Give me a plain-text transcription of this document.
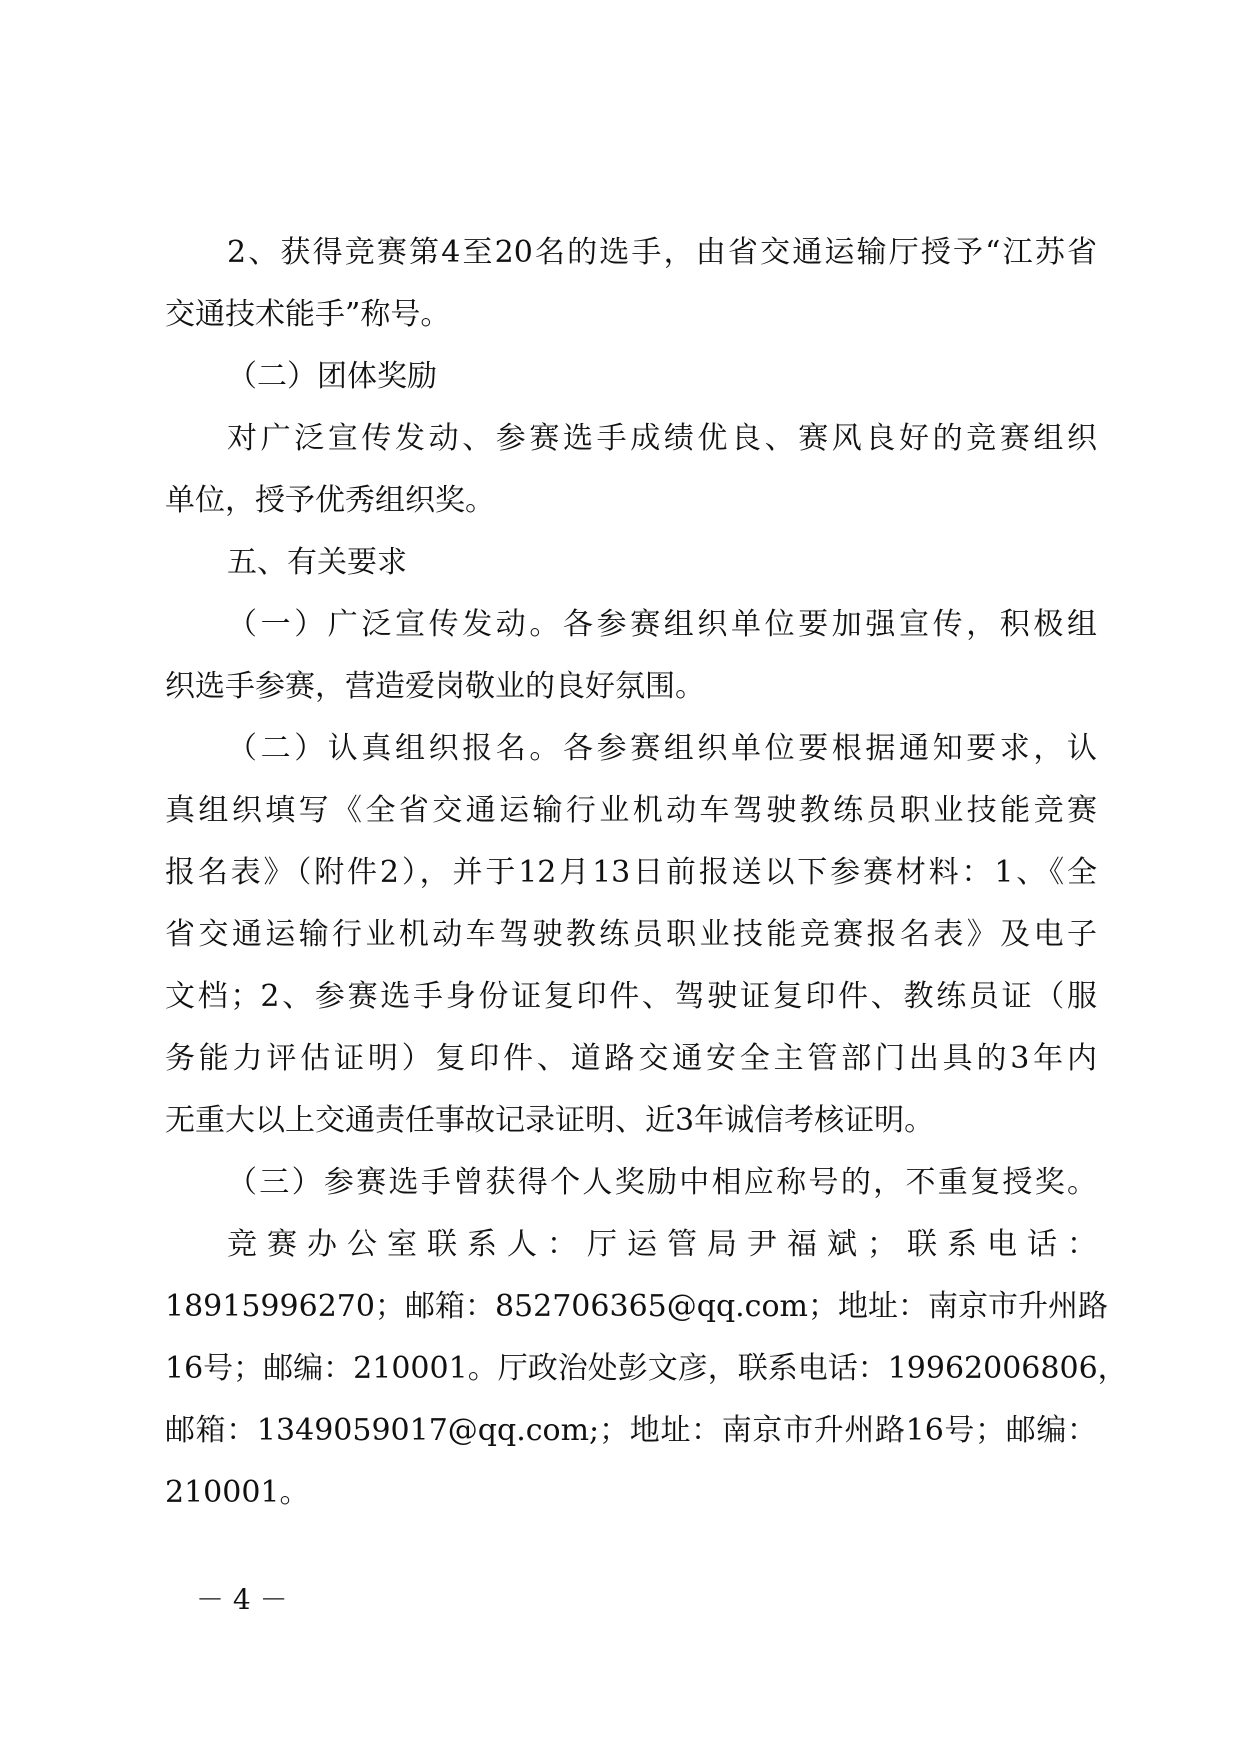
2、获得竞赛第4至20名的选手，由省交通运输厅授予“江苏省
交通技术能手”称号。
（二）团体奖励
对广泛宣传发动、参赛选手成绩优良、赛风良好的竞赛组织
单位，授予优秀组织奖。
五、有关要求
（一）广泛宣传发动。各参赛组织单位要加强宣传，积极组
织选手参赛，营造爱岗敬业的良好氛围。
（二）认真组织报名。各参赛组织单位要根据通知要求，认
真组织填写《全省交通运输行业机动车驾驶教练员职业技能竞赛
报名表》（附件2），并于12月13日前报送以下参赛材料：1、《全
省交通运输行业机动车驾驶教练员职业技能竞赛报名表》及电子
文档；2、参赛选手身份证复印件、驾驶证复印件、教练员证（服
务能力评估证明）复印件、道路交通安全主管部门出具的3年内
无重大以上交通责任事故记录证明、近3年诚信考核证明。
（三）参赛选手曾获得个人奖励中相应称号的，不重复授奖。
竞赛办公室联系人：厅运管局尹福斌；联系电话：
18915996270；邮箱：852706365@qq.com；地址：南京市升州路
16号；邮编：210001。厅政治处彭文彦，联系电话：19962006806，
邮箱：1349059017@qq.com;；地址：南京市升州路16号；邮编：
210001。
－ 4 －
